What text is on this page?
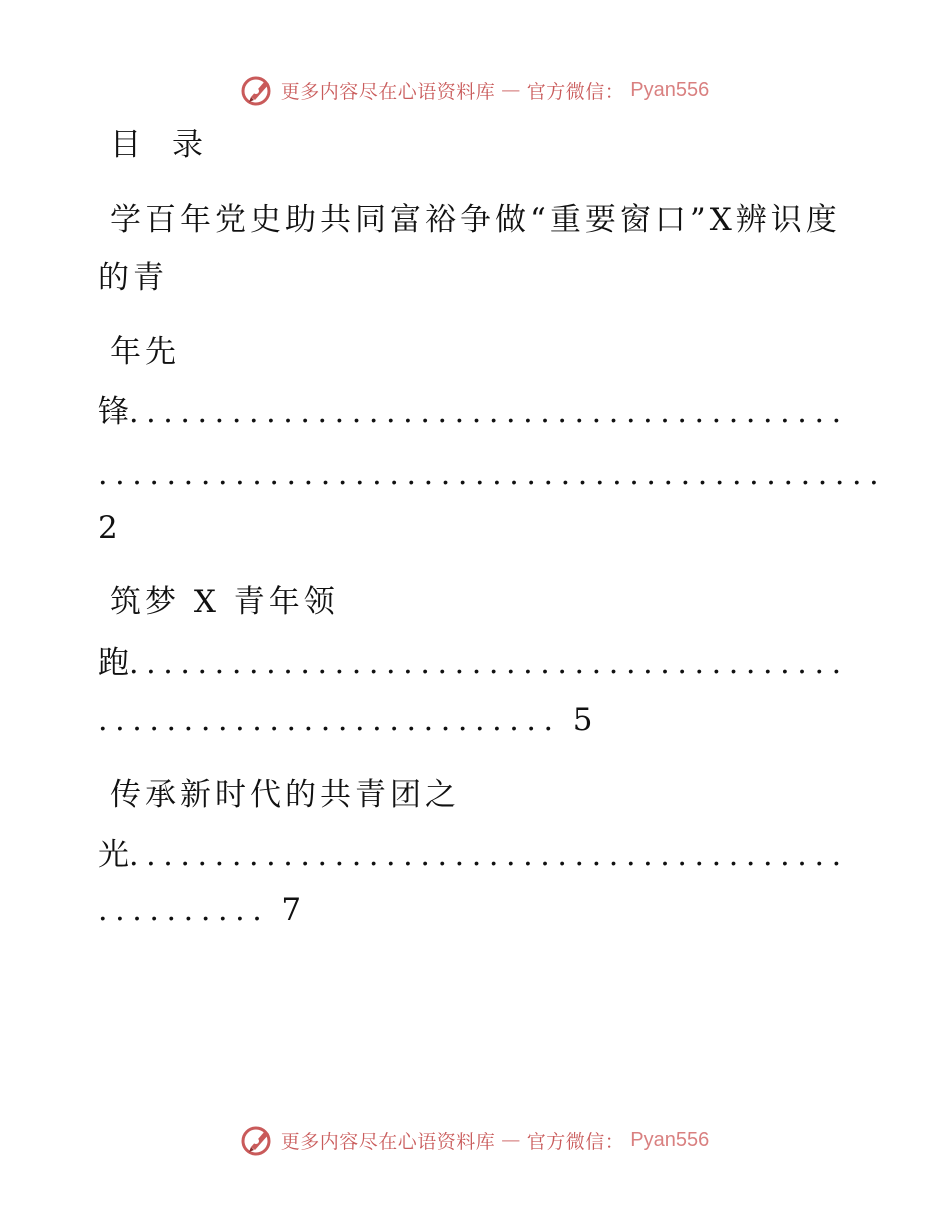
更多内容尽在心语资料库 — 官方微信： Pyan556
目　录
学百年党史助共同富裕争做“重要窗口”X辨识度
的青
年先
锋..........................................
..............................................
2
筑梦 X 青年领
跑..........................................
........................... 5
传承新时代的共青团之
光..........................................
.......... 7
更多内容尽在心语资料库 — 官方微信： Pyan556
